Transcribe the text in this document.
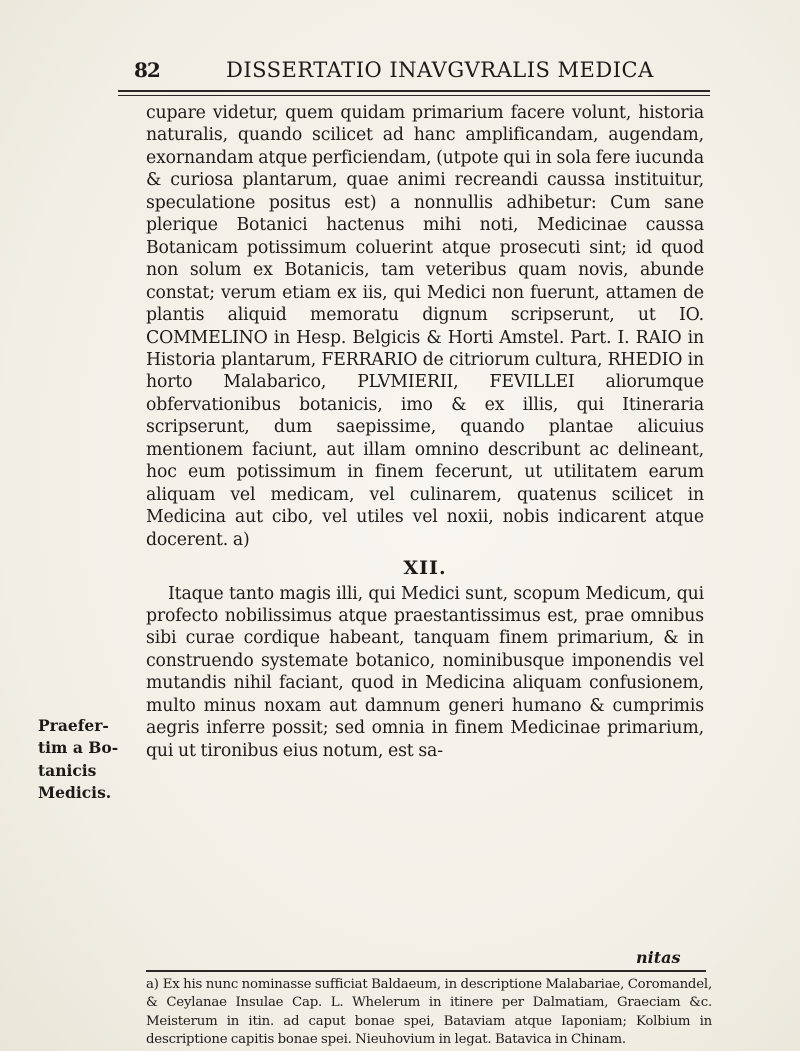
82	DISSERTATIO INAVGVRALIS MEDICA

cupare videtur, quem quidam primarium facere volunt, historia naturalis, quando scilicet ad hanc amplificandam, augendam, exornandam atque perficiendam, (utpote qui in sola fere iucunda & curiosa plantarum, quae animi recreandi caussa instituitur, speculatione positus est) a nonnullis adhibetur: Cum sane plerique Botanici hactenus mihi noti, Medicinae caussa Botanicam potissimum coluerint atque prosecuti sint; id quod non solum ex Botanicis, tam veteribus quam novis, abunde constat; verum etiam ex iis, qui Medici non fuerunt, attamen de plantis aliquid memoratu dignum scripserunt, ut IO. COMMELINO in Hesp. Belgicis & Horti Amstel. Part. I. RAIO in Historia plantarum, FERRARIO de citriorum cultura, RHEDIO in horto Malabarico, PLVMIERII, FEVILLEI aliorumque obfervationibus botanicis, imo & ex illis, qui Itineraria scripserunt, dum saepissime, quando plantae alicuius mentionem faciunt, aut illam omnino describunt ac delineant, hoc eum potissimum in finem fecerunt, ut utilitatem earum aliquam vel medicam, vel culinarem, quatenus scilicet in Medicina aut cibo, vel utiles vel noxii, nobis indicarent atque docerent. a)

XII.

Itaque tanto magis illi, qui Medici sunt, scopum Medicum, qui profecto nobilissimus atque praestantissimus est, prae omnibus sibi curae cordique habeant, tanquam finem primarium, & in construendo systemate botanico, nominibusque imponendis vel mutandis nihil faciant, quod in Medicina aliquam confusionem, multo minus noxam aut damnum generi humano & cumprimis aegris inferre possit; sed omnia in finem Medicinae primarium, qui ut tironibus eius notum, est sa-

Praefer-
tim a Bo-
tanicis
Medicis.
nitas

a) Ex his nunc nominasse sufficiat Baldaeum, in descriptione Malabariae, Coromandel, & Ceylanae Insulae Cap. L. Whelerum in itinere per Dalmatiam, Graeciam &c. Meisterum in itin. ad caput bonae spei, Bataviam atque Iaponiam; Kolbium in descriptione capitis bonae spei. Nieuhovium in legat. Batavica in Chinam.
